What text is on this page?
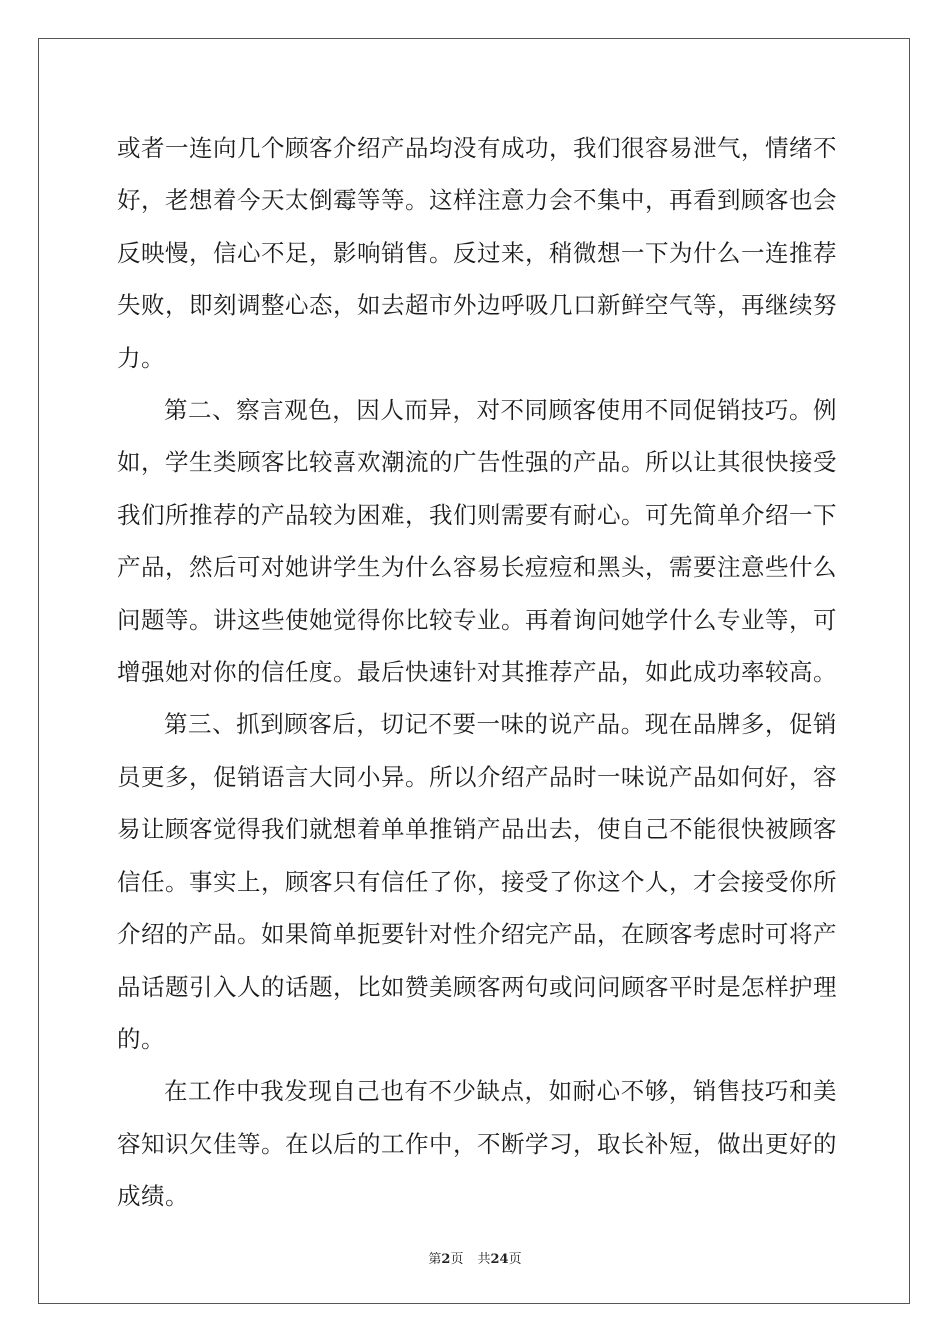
或者一连向几个顾客介绍产品均没有成功，我们很容易泄气，情绪不好，老想着今天太倒霉等等。这样注意力会不集中，再看到顾客也会反映慢，信心不足，影响销售。反过来，稍微想一下为什么一连推荐失败，即刻调整心态，如去超市外边呼吸几口新鲜空气等，再继续努力。

第二、察言观色，因人而异，对不同顾客使用不同促销技巧。例如，学生类顾客比较喜欢潮流的广告性强的产品。所以让其很快接受我们所推荐的产品较为困难，我们则需要有耐心。可先简单介绍一下产品，然后可对她讲学生为什么容易长痘痘和黑头，需要注意些什么问题等。讲这些使她觉得你比较专业。再着询问她学什么专业等，可增强她对你的信任度。最后快速针对其推荐产品，如此成功率较高。

第三、抓到顾客后，切记不要一味的说产品。现在品牌多，促销员更多，促销语言大同小异。所以介绍产品时一味说产品如何好，容易让顾客觉得我们就想着单单推销产品出去，使自己不能很快被顾客信任。事实上，顾客只有信任了你，接受了你这个人，才会接受你所介绍的产品。如果简单扼要针对性介绍完产品，在顾客考虑时可将产品话题引入人的话题，比如赞美顾客两句或问问顾客平时是怎样护理的。

在工作中我发现自己也有不少缺点，如耐心不够，销售技巧和美容知识欠佳等。在以后的工作中，不断学习，取长补短，做出更好的成绩。

第2页 共24页
